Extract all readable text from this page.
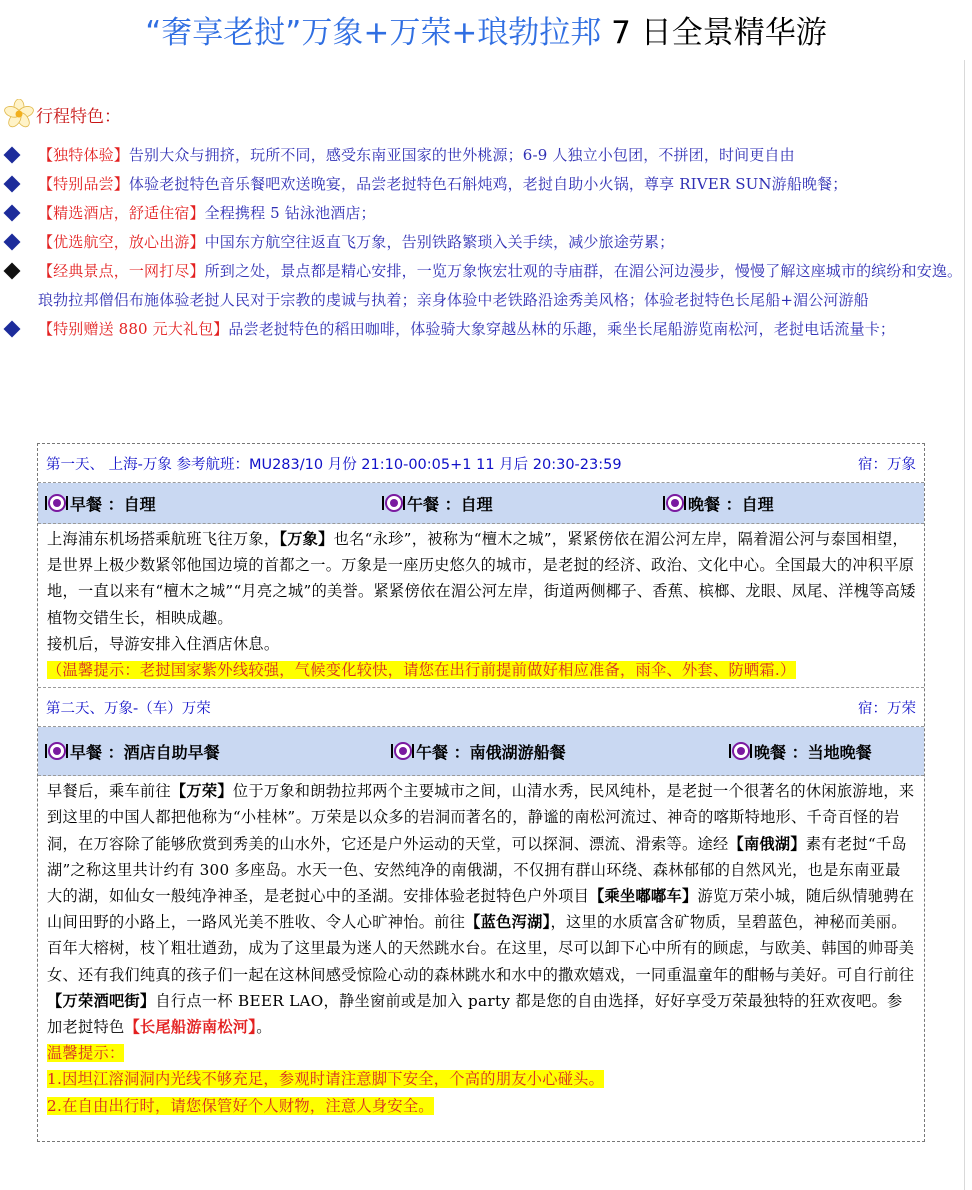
“奢享老挝”万象+万荣+琅勃拉邦 7 日全景精华游
行程特色：
【独特体验】告别大众与拥挤，玩所不同，感受东南亚国家的世外桃源；6-9 人独立小包团，不拼团，时间更自由
【特别品尝】体验老挝特色音乐餐吧欢送晚宴，品尝老挝特色石斛炖鸡，老挝自助小火锅，尊享 RIVER SUN游船晚餐；
【精选酒店，舒适住宿】全程携程 5 钻泳池酒店；
【优选航空，放心出游】中国东方航空往返直飞万象，告别铁路繁琐入关手续，减少旅途劳累；
【经典景点，一网打尽】所到之处，景点都是精心安排，一览万象恢宏壮观的寺庙群，在湄公河边漫步，慢慢了解这座城市的缤纷和安逸。琅勃拉邦僧侣布施体验老挝人民对于宗教的虔诚与执着；亲身体验中老铁路沿途秀美风格；体验老挝特色长尾船+湄公河游船
【特别赠送 880 元大礼包】品尝老挝特色的稻田咖啡，体验骑大象穿越丛林的乐趣，乘坐长尾船游览南松河，老挝电话流量卡；
第一天、 上海-万象 参考航班：MU283/10 月份 21:10-00:05+1 11 月后 20:30-23:59	宿：万象
早餐 ：自理	午餐 ：自理	晚餐 ：自理
上海浦东机场搭乘航班飞往万象，【万象】也名“永珍”，被称为“檀木之城”，紧紧傍依在湄公河左岸，隔着湄公河与泰国相望，是世界上极少数紧邻他国边境的首都之一。万象是一座历史悠久的城市，是老挝的经济、政治、文化中心。全国最大的冲积平原地，一直以来有“檀木之城”“月亮之城”的美誉。紧紧傍依在湄公河左岸，街道两侧椰子、香蕉、槟榔、龙眼、凤尾、洋槐等高矮植物交错生长，相映成趣。
接机后，导游安排入住酒店休息。
（温馨提示：老挝国家紫外线较强，气候变化较快，请您在出行前提前做好相应准备，雨伞、外套、防晒霜.）
第二天、万象-（车）万荣	宿：万荣
早餐 ：酒店自助早餐	午餐 ：南俄湖游船餐	晚餐 ：当地晚餐
早餐后，乘车前往【万荣】位于万象和朗勃拉邦两个主要城市之间，山清水秀，民风纯朴，是老挝一个很著名的休闲旅游地，来到这里的中国人都把他称为“小桂林”。万荣是以众多的岩洞而著名的，静谧的南松河流过、神奇的喀斯特地形、千奇百怪的岩洞，在万容除了能够欣赏到秀美的山水外，它还是户外运动的天堂，可以探洞、漂流、滑索等。途经【南俄湖】素有老挝“千岛湖”之称这里共计约有 300 多座岛。水天一色、安然纯净的南俄湖，不仅拥有群山环绕、森林郁郁的自然风光，也是东南亚最大的湖，如仙女一般纯净神圣，是老挝心中的圣湖。安排体验老挝特色户外项目【乘坐嘟嘟车】游览万荣小城，随后纵情驰骋在山间田野的小路上，一路风光美不胜收、令人心旷神怡。前往【蓝色泻湖】，这里的水质富含矿物质，呈碧蓝色，神秘而美丽。百年大榕树，枝丫粗壮遒劲，成为了这里最为迷人的天然跳水台。在这里，尽可以卸下心中所有的顾虑，与欧美、韩国的帅哥美女、还有我们纯真的孩子们一起在这林间感受惊险心动的森林跳水和水中的撒欢嬉戏，一同重温童年的酣畅与美好。可自行前往【万荣酒吧街】自行点一杯 BEER LAO，静坐窗前或是加入 party 都是您的自由选择，好好享受万荣最独特的狂欢夜吧。参加老挝特色【长尾船游南松河】。
温馨提示：
1.因坦江溶洞洞内光线不够充足，参观时请注意脚下安全，个高的朋友小心碰头。
2.在自由出行时，请您保管好个人财物，注意人身安全。
